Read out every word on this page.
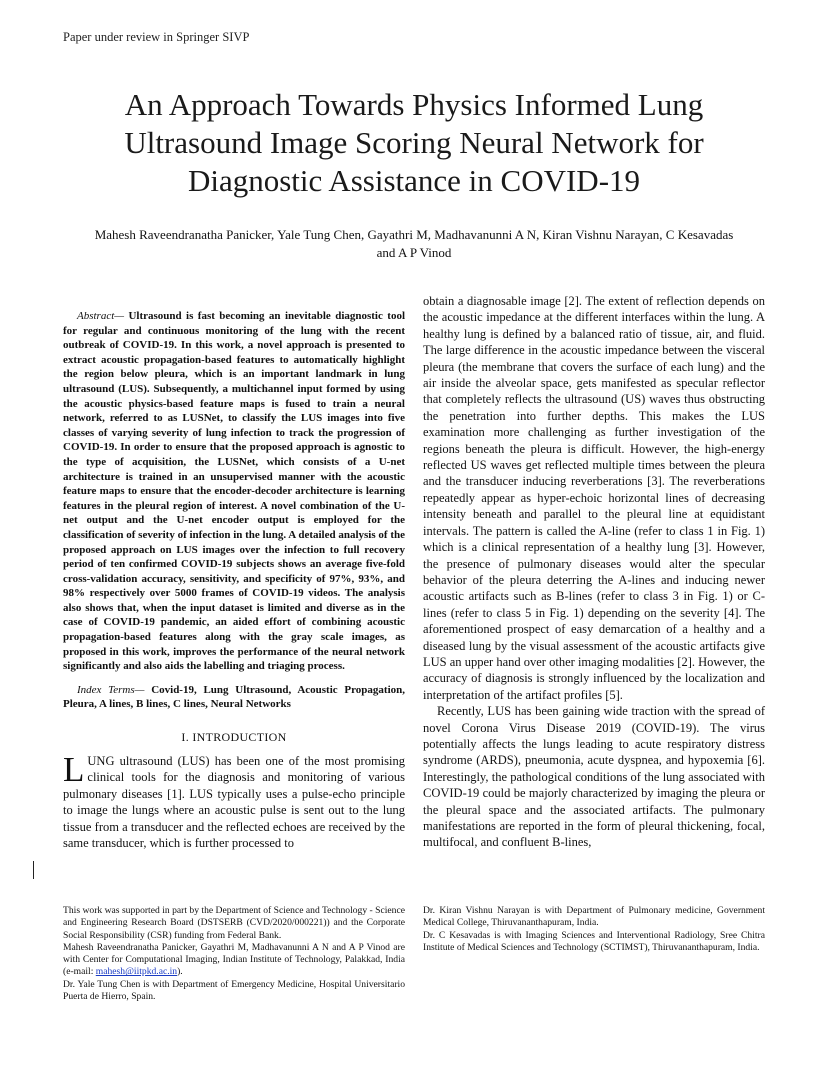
Paper under review in Springer SIVP
An Approach Towards Physics Informed Lung Ultrasound Image Scoring Neural Network for Diagnostic Assistance in COVID-19
Mahesh Raveendranatha Panicker, Yale Tung Chen, Gayathri M, Madhavanunni A N, Kiran Vishnu Narayan, C Kesavadas and A P Vinod

Abstract— Ultrasound is fast becoming an inevitable diagnostic tool for regular and continuous monitoring of the lung with the recent outbreak of COVID-19. In this work, a novel approach is presented to extract acoustic propagation-based features to automatically highlight the region below pleura, which is an important landmark in lung ultrasound (LUS). Subsequently, a multichannel input formed by using the acoustic physics-based feature maps is fused to train a neural network, referred to as LUSNet, to classify the LUS images into five classes of varying severity of lung infection to track the progression of COVID-19. In order to ensure that the proposed approach is agnostic to the type of acquisition, the LUSNet, which consists of a U-net architecture is trained in an unsupervised manner with the acoustic feature maps to ensure that the encoder-decoder architecture is learning features in the pleural region of interest. A novel combination of the U-net output and the U-net encoder output is employed for the classification of severity of infection in the lung. A detailed analysis of the proposed approach on LUS images over the infection to full recovery period of ten confirmed COVID-19 subjects shows an average five-fold cross-validation accuracy, sensitivity, and specificity of 97%, 93%, and 98% respectively over 5000 frames of COVID-19 videos. The analysis also shows that, when the input dataset is limited and diverse as in the case of COVID-19 pandemic, an aided effort of combining acoustic propagation-based features along with the gray scale images, as proposed in this work, improves the performance of the neural network significantly and also aids the labelling and triaging process.

Index Terms— Covid-19, Lung Ultrasound, Acoustic Propagation, Pleura, A lines, B lines, C lines, Neural Networks

I. INTRODUCTION

LUNG ultrasound (LUS) has been one of the most promising clinical tools for the diagnosis and monitoring of various pulmonary diseases [1]. LUS typically uses a pulse-echo principle to image the lungs where an acoustic pulse is sent out to the lung tissue from a transducer and the reflected echoes are received by the same transducer, which is further processed to

obtain a diagnosable image [2]. The extent of reflection depends on the acoustic impedance at the different interfaces within the lung. A healthy lung is defined by a balanced ratio of tissue, air, and fluid. The large difference in the acoustic impedance between the visceral pleura (the membrane that covers the surface of each lung) and the air inside the alveolar space, gets manifested as specular reflector that completely reflects the ultrasound (US) waves thus obstructing the penetration into further depths. This makes the LUS examination more challenging as further investigation of the regions beneath the pleura is difficult. However, the high-energy reflected US waves get reflected multiple times between the pleura and the transducer inducing reverberations [3]. The reverberations repeatedly appear as hyper-echoic horizontal lines of decreasing intensity beneath and parallel to the pleural line at equidistant intervals. The pattern is called the A-line (refer to class 1 in Fig. 1) which is a clinical representation of a healthy lung [3]. However, the presence of pulmonary diseases would alter the specular behavior of the pleura deterring the A-lines and inducing newer acoustic artifacts such as B-lines (refer to class 3 in Fig. 1) or C-lines (refer to class 5 in Fig. 1) depending on the severity [4]. The aforementioned prospect of easy demarcation of a healthy and a diseased lung by the visual assessment of the acoustic artifacts give LUS an upper hand over other imaging modalities [2]. However, the accuracy of diagnosis is strongly influenced by the localization and interpretation of the artifact profiles [5].

Recently, LUS has been gaining wide traction with the spread of novel Corona Virus Disease 2019 (COVID-19). The virus potentially affects the lungs leading to acute respiratory distress syndrome (ARDS), pneumonia, acute dyspnea, and hypoxemia [6]. Interestingly, the pathological conditions of the lung associated with COVID-19 could be majorly characterized by imaging the pleura or the pleural space and the associated artifacts. The pulmonary manifestations are reported in the form of pleural thickening, focal, multifocal, and confluent B-lines,

This work was supported in part by the Department of Science and Technology - Science and Engineering Research Board (DSTSERB (CVD/2020/000221)) and the Corporate Social Responsibility (CSR) funding from Federal Bank.

Mahesh Raveendranatha Panicker, Gayathri M, Madhavanunni A N and A P Vinod are with Center for Computational Imaging, Indian Institute of Technology, Palakkad, India (e-mail: mahesh@iitpkd.ac.in).

Dr. Yale Tung Chen is with Department of Emergency Medicine, Hospital Universitario Puerta de Hierro, Spain.

Dr. Kiran Vishnu Narayan is with Department of Pulmonary medicine, Government Medical College, Thiruvananthapuram, India.

Dr. C Kesavadas is with Imaging Sciences and Interventional Radiology, Sree Chitra Institute of Medical Sciences and Technology (SCTIMST), Thiruvananthapuram, India.
